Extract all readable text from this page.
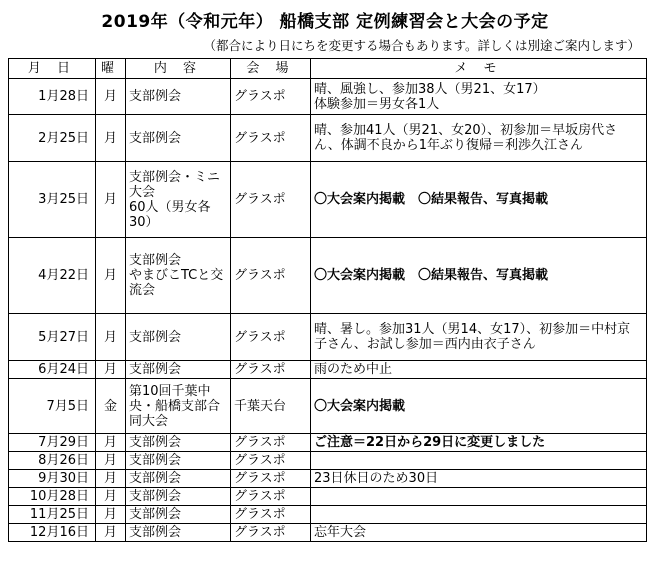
2019年（令和元年） 船橋支部 定例練習会と大会の予定
（都合により日にちを変更する場合もあります。詳しくは別途ご案内します）
月 日	曜	内 容	会 場	メ モ
1月28日	月	支部例会	グラスポ	晴、風強し、参加38人（男21、女17）
体験参加＝男女各1人
2月25日	月	支部例会	グラスポ	晴、参加41人（男21、女20）、初参加＝早坂房代さん、体調不良から1年ぶり復帰＝利渉久江さん
3月25日	月	支部例会・ミニ大会
60人（男女各30）	グラスポ	〇大会案内掲載　〇結果報告、写真掲載
4月22日	月	支部例会
やまびこTCと交流会	グラスポ	〇大会案内掲載　〇結果報告、写真掲載
5月27日	月	支部例会	グラスポ	晴、暑し。参加31人（男14、女17）、初参加＝中村京子さん、お試し参加＝西内由衣子さん
6月24日	月	支部例会	グラスポ	雨のため中止
7月5日	金	第10回千葉中央・船橋支部合同大会	千葉天台	〇大会案内掲載
7月29日	月	支部例会	グラスポ	ご注意＝22日から29日に変更しました
8月26日	月	支部例会	グラスポ	
9月30日	月	支部例会	グラスポ	23日休日のため30日
10月28日	月	支部例会	グラスポ	
11月25日	月	支部例会	グラスポ	
12月16日	月	支部例会	グラスポ	忘年大会
